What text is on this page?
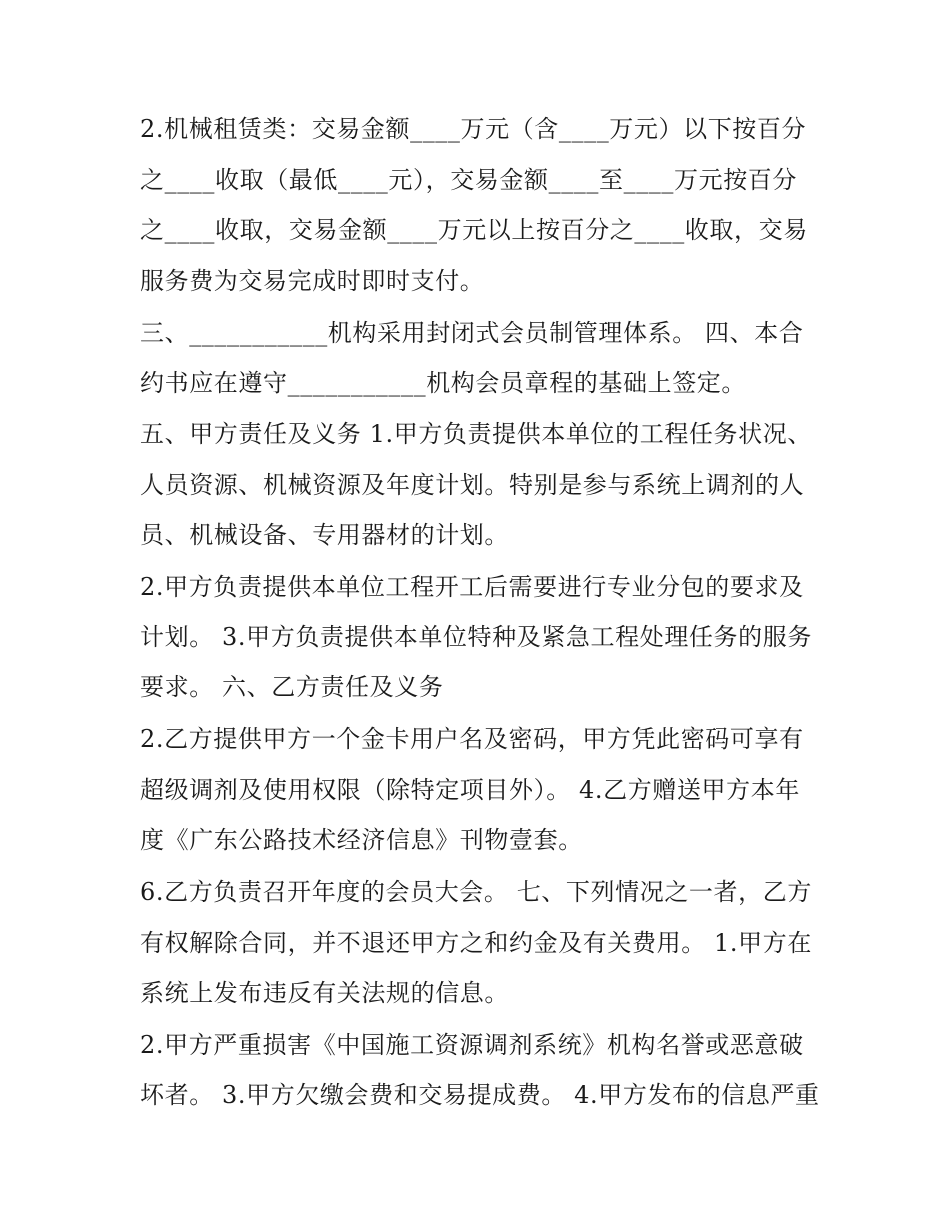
2.机械租赁类：交易金额____万元（含____万元）以下按百分
之____收取（最低____元），交易金额____至____万元按百分
之____收取，交易金额____万元以上按百分之____收取，交易
服务费为交易完成时即时支付。
三、___________机构采用封闭式会员制管理体系。 四、本合
约书应在遵守___________机构会员章程的基础上签定。
五、甲方责任及义务 1.甲方负责提供本单位的工程任务状况、
人员资源、机械资源及年度计划。特别是参与系统上调剂的人
员、机械设备、专用器材的计划。
2.甲方负责提供本单位工程开工后需要进行专业分包的要求及
计划。 3.甲方负责提供本单位特种及紧急工程处理任务的服务
要求。 六、乙方责任及义务
2.乙方提供甲方一个金卡用户名及密码，甲方凭此密码可享有
超级调剂及使用权限（除特定项目外）。 4.乙方赠送甲方本年
度《广东公路技术经济信息》刊物壹套。
6.乙方负责召开年度的会员大会。 七、下列情况之一者，乙方
有权解除合同，并不退还甲方之和约金及有关费用。 1.甲方在
系统上发布违反有关法规的信息。
2.甲方严重损害《中国施工资源调剂系统》机构名誉或恶意破
坏者。 3.甲方欠缴会费和交易提成费。 4.甲方发布的信息严重
